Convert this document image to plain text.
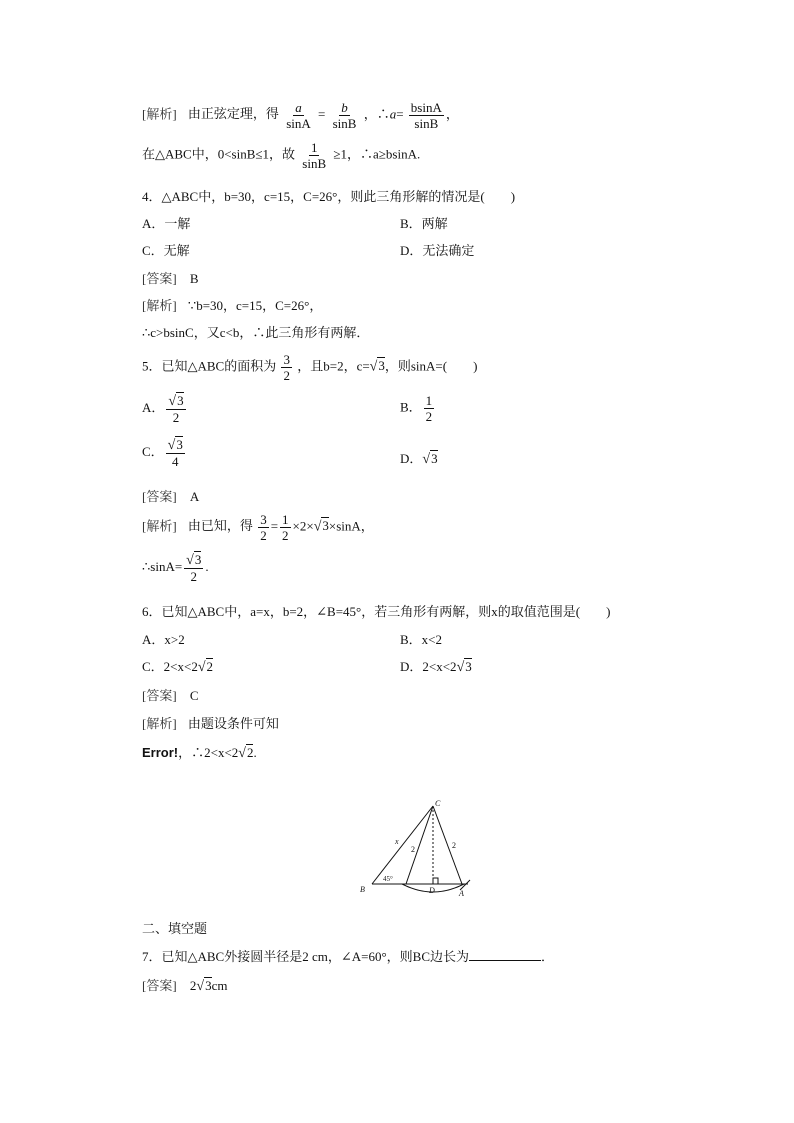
[解析] 由正弦定理，得 $\frac{a}{\sin A} = \frac{b}{\sin B}$ ，∴a= $\frac{bsinA}{\sin B}$ ，
在△ABC中，0<sinB≤1，故 $\frac{1}{\sin B} \ge 1$，∴a≥bsinA.
4．△ABC中，b=30，c=15，C=26°，则此三角形解的情况是(　　)
A．一解	B．两解
C．无解	D．无法确定
[答案] B
[解析] ∵b=30，c=15，C=26°，
∴c>bsinC，又c<b，∴此三角形有两解．
5．已知△ABC的面积为 $\frac{3}{2}$ ，且b=2，c=√3，则sinA=(　　)
A． $\frac{√3}{2}$	B． $\frac{1}{2}$
C． $\frac{√3}{4}$	D．√3
[答案] A
[解析] 由已知，得 $\frac{3}{2} = \frac{1}{2} \times 2\times√3\times\sin A$，
∴sinA= $\frac{√3}{2}$ .
6．已知△ABC中，a=x，b=2，∠B=45°，若三角形有两解，则x的取值范围是(　　)
A．x>2	B．x<2
C．2<x<2√2	D．2<x<2√3
[答案] C
[解析] 由题设条件可知
Error!，∴2<x<2√2.
C
B	D	A
x
2	2
45°
二、填空题
7．已知△ABC外接圆半径是2 cm，∠A=60°，则BC边长为	．
[答案] 2√3cm
